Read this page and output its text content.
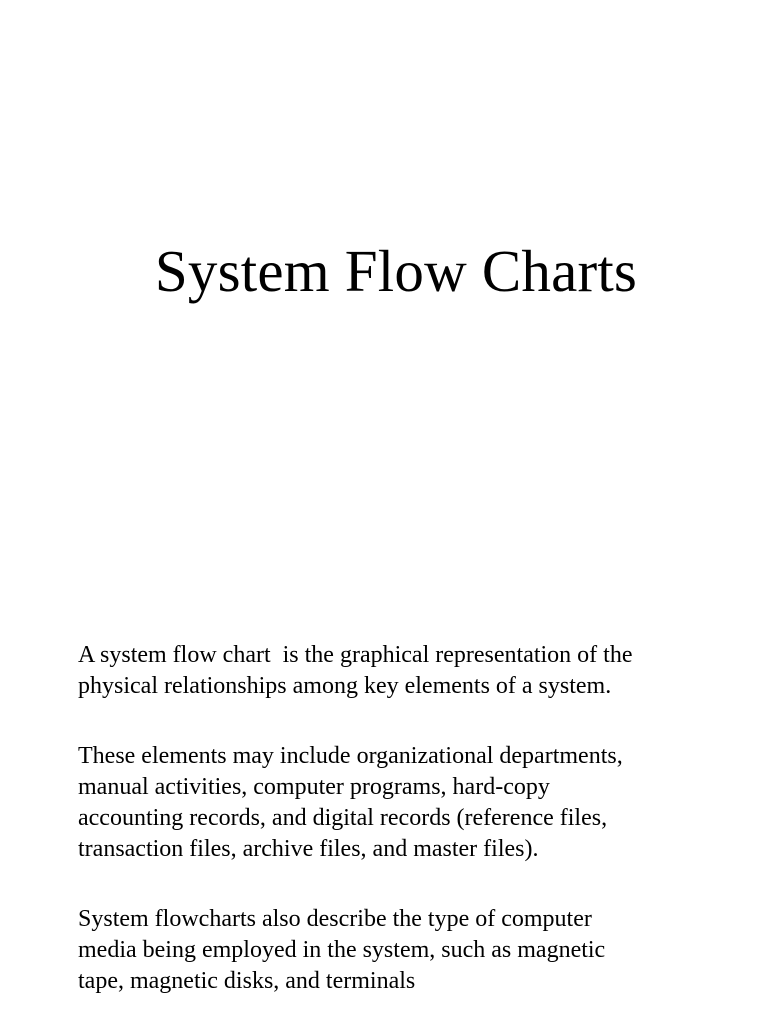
System Flow Charts
A system flow chart  is the graphical representation of the
physical relationships among key elements of a system.
These elements may include organizational departments,
manual activities, computer programs, hard-copy
accounting records, and digital records (reference files,
transaction files, archive files, and master files).
System flowcharts also describe the type of computer
media being employed in the system, such as magnetic
tape, magnetic disks, and terminals
